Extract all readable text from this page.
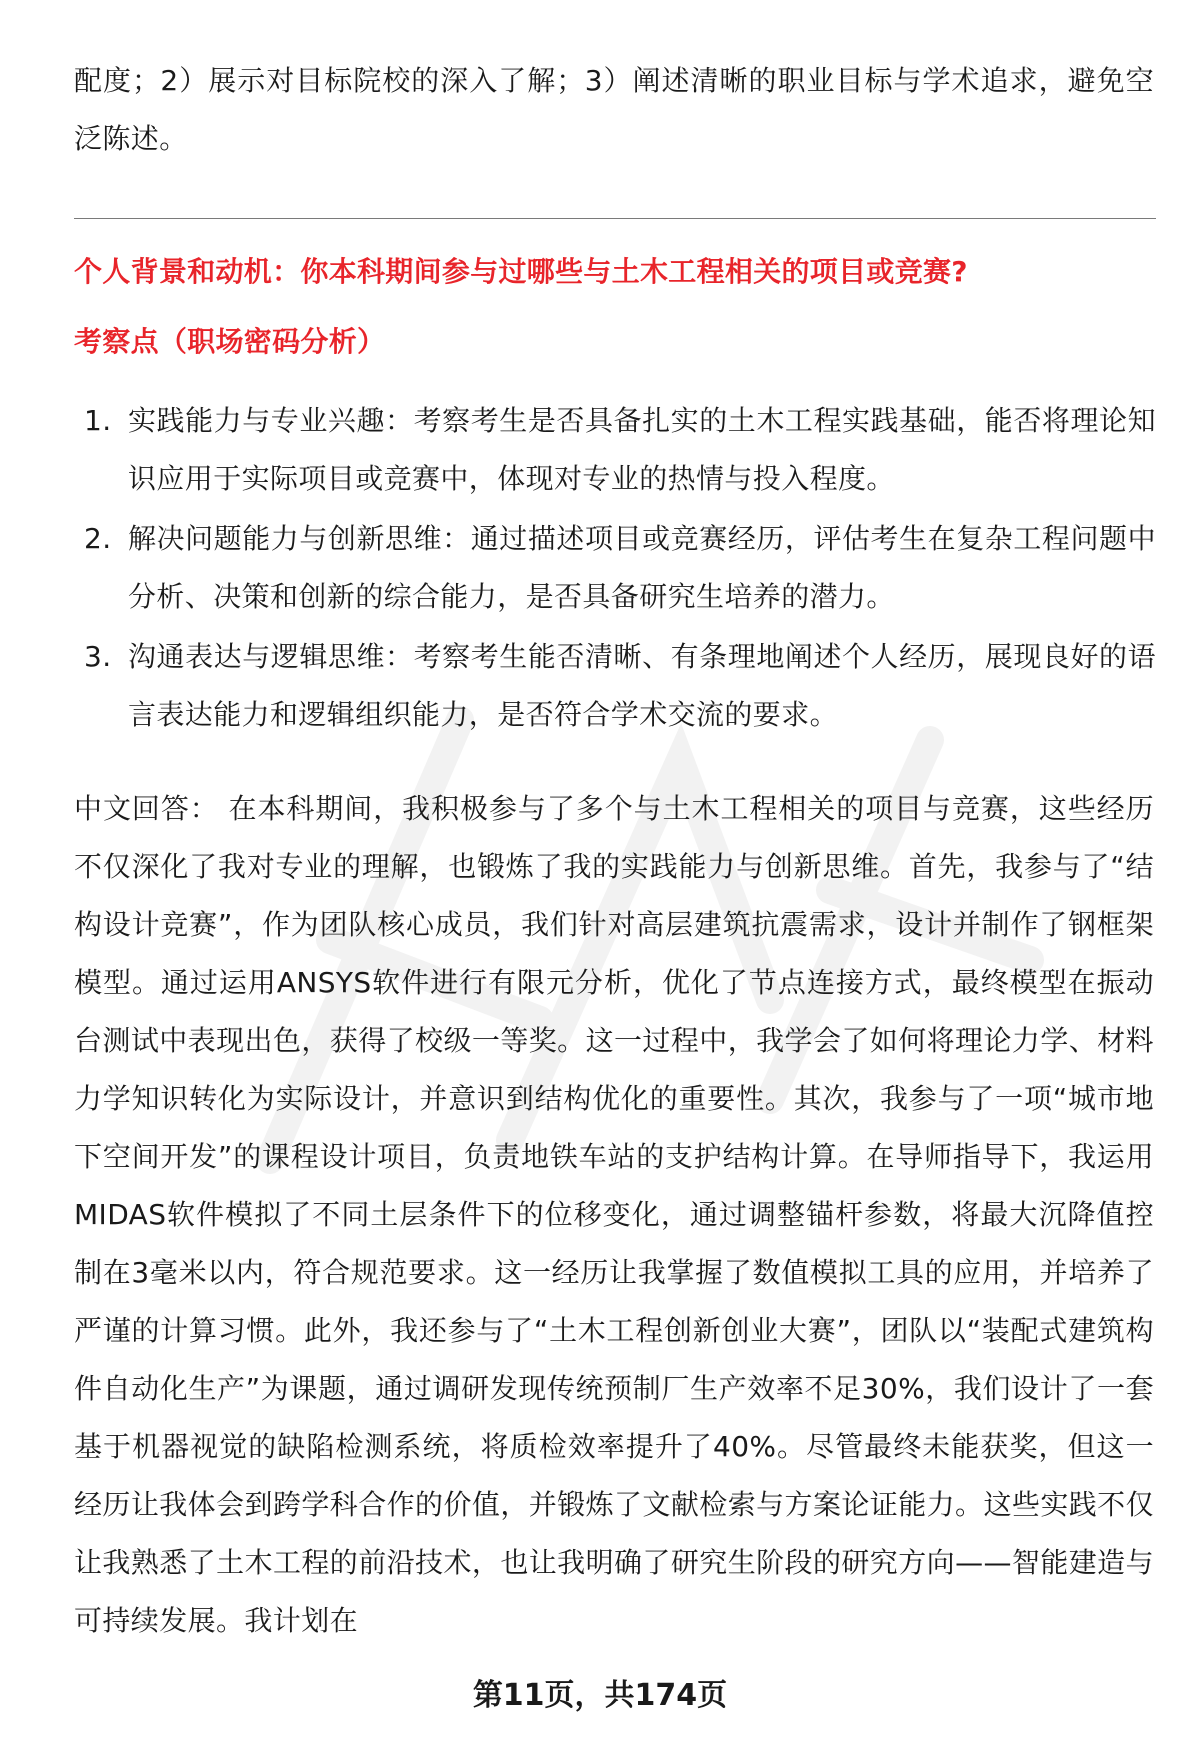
配度；2）展示对目标院校的深入了解；3）阐述清晰的职业目标与学术追求，避免空泛陈述。

个人背景和动机：你本科期间参与过哪些与土木工程相关的项目或竞赛?
考察点（职场密码分析）
1. 实践能力与专业兴趣：考察考生是否具备扎实的土木工程实践基础，能否将理论知识应用于实际项目或竞赛中，体现对专业的热情与投入程度。
2. 解决问题能力与创新思维：通过描述项目或竞赛经历，评估考生在复杂工程问题中分析、决策和创新的综合能力，是否具备研究生培养的潜力。
3. 沟通表达与逻辑思维：考察考生能否清晰、有条理地阐述个人经历，展现良好的语言表达能力和逻辑组织能力，是否符合学术交流的要求。

中文回答： 在本科期间，我积极参与了多个与土木工程相关的项目与竞赛，这些经历不仅深化了我对专业的理解，也锻炼了我的实践能力与创新思维。首先，我参与了“结构设计竞赛”，作为团队核心成员，我们针对高层建筑抗震需求，设计并制作了钢框架模型。通过运用ANSYS软件进行有限元分析，优化了节点连接方式，最终模型在振动台测试中表现出色，获得了校级一等奖。这一过程中，我学会了如何将理论力学、材料力学知识转化为实际设计，并意识到结构优化的重要性。其次，我参与了一项“城市地下空间开发”的课程设计项目，负责地铁车站的支护结构计算。在导师指导下，我运用MIDAS软件模拟了不同土层条件下的位移变化，通过调整锚杆参数，将最大沉降值控制在3毫米以内，符合规范要求。这一经历让我掌握了数值模拟工具的应用，并培养了严谨的计算习惯。此外，我还参与了“土木工程创新创业大赛”，团队以“装配式建筑构件自动化生产”为课题，通过调研发现传统预制厂生产效率不足30%，我们设计了一套基于机器视觉的缺陷检测系统，将质检效率提升了40%。尽管最终未能获奖，但这一经历让我体会到跨学科合作的价值，并锻炼了文献检索与方案论证能力。这些实践不仅让我熟悉了土木工程的前沿技术，也让我明确了研究生阶段的研究方向——智能建造与可持续发展。我计划在

第11页，共174页
